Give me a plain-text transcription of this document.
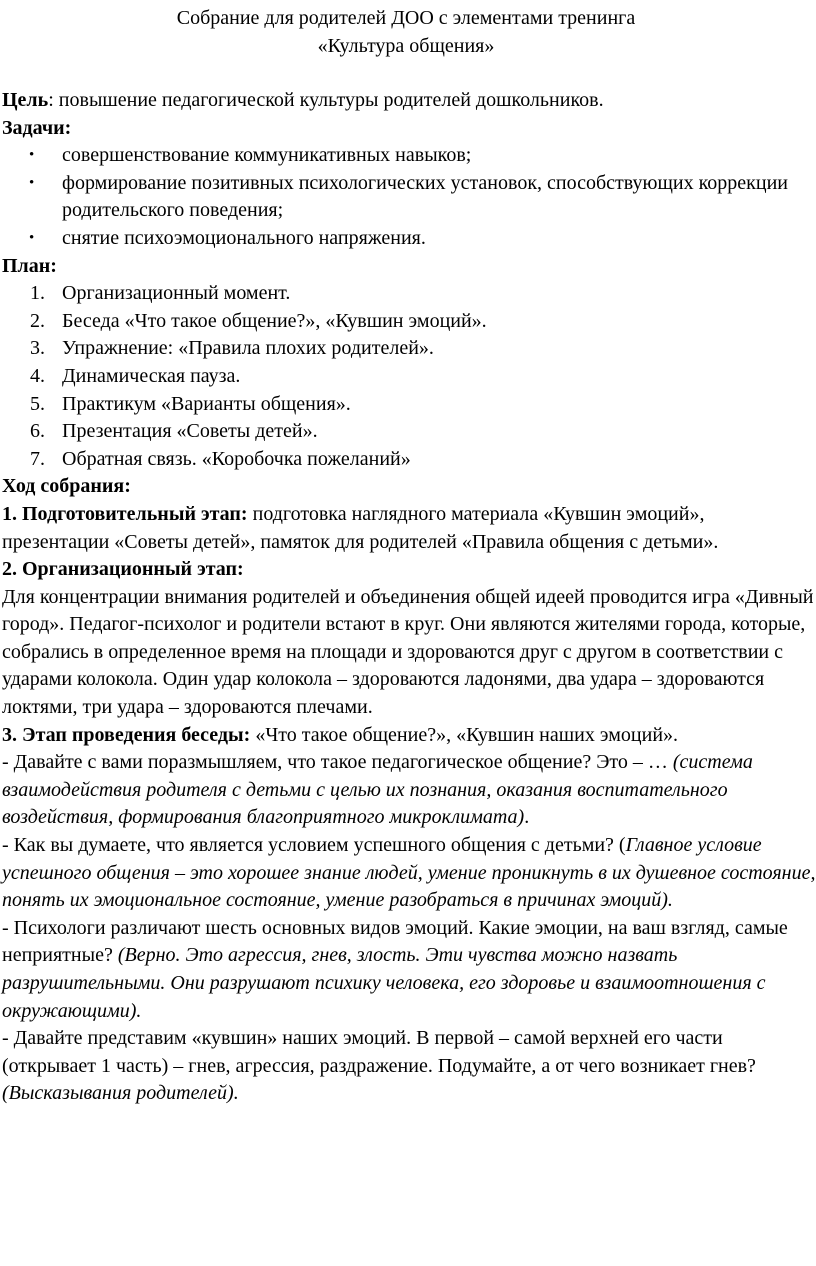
Собрание для родителей ДОО с элементами тренинга
«Культура общения»

Цель: повышение педагогической культуры родителей дошкольников.

Задачи:

• совершенствование коммуникативных навыков;
• формирование позитивных психологических установок, способствующих коррекции родительского поведения;
• снятие психоэмоционального напряжения.

План:

1. Организационный момент.
2. Беседа «Что такое общение?», «Кувшин эмоций».
3. Упражнение: «Правила плохих родителей».
4. Динамическая пауза.
5. Практикум «Варианты общения».
6. Презентация «Советы детей».
7. Обратная связь. «Коробочка пожеланий»

Ход собрания:

1. Подготовительный этап: подготовка наглядного материала «Кувшин эмоций», презентации «Советы детей», памяток для родителей «Правила общения с детьми».

2. Организационный этап:

Для концентрации внимания родителей и объединения общей идеей проводится игра «Дивный город». Педагог-психолог и родители встают в круг. Они являются жителями города, которые, собрались в определенное время на площади и здороваются друг с другом в соответствии с ударами колокола. Один удар колокола – здороваются ладонями, два удара – здороваются локтями, три удара – здороваются плечами.

3. Этап проведения беседы: «Что такое общение?», «Кувшин наших эмоций».

- Давайте с вами поразмышляем, что такое педагогическое общение? Это – … (система взаимодействия родителя с детьми с целью их познания, оказания воспитательного воздействия, формирования благоприятного микроклимата).

- Как вы думаете, что является условием успешного общения с детьми? (Главное условие успешного общения – это хорошее знание людей, умение проникнуть в их душевное состояние, понять их эмоциональное состояние, умение разобраться в причинах эмоций).

- Психологи различают шесть основных видов эмоций. Какие эмоции, на ваш взгляд, самые неприятные? (Верно. Это агрессия, гнев, злость. Эти чувства можно назвать разрушительными. Они разрушают психику человека, его здоровье и взаимоотношения с окружающими).

- Давайте представим «кувшин» наших эмоций. В первой – самой верхней его части (открывает 1 часть) – гнев, агрессия, раздражение. Подумайте, а от чего возникает гнев? (Высказывания родителей).
